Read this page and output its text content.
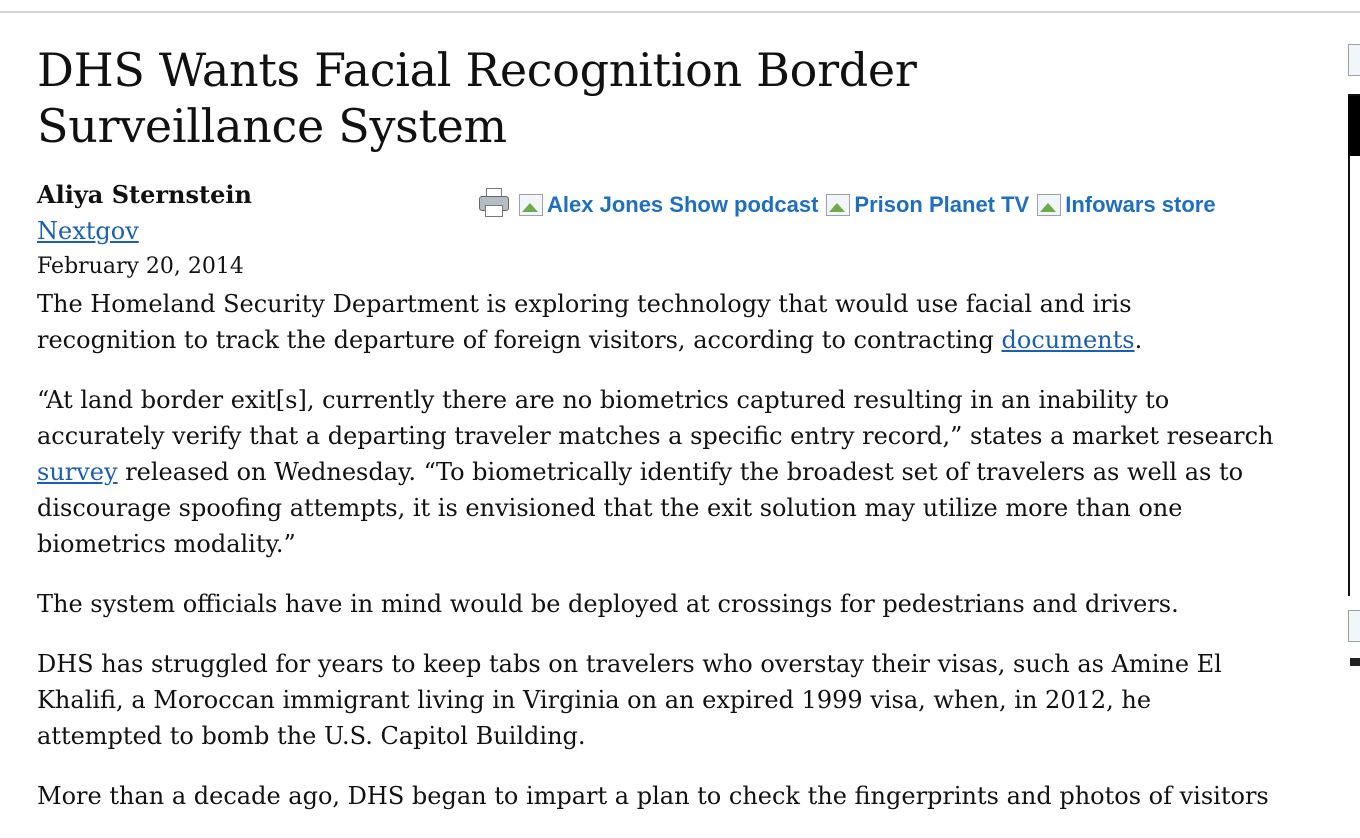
DHS Wants Facial Recognition Border Surveillance System
Aliya Sternstein
Nextgov
February 20, 2014
Alex Jones Show podcast Prison Planet TV Infowars store

The Homeland Security Department is exploring technology that would use facial and iris recognition to track the departure of foreign visitors, according to contracting documents.

“At land border exit[s], currently there are no biometrics captured resulting in an inability to accurately verify that a departing traveler matches a specific entry record,” states a market research survey released on Wednesday. “To biometrically identify the broadest set of travelers as well as to discourage spoofing attempts, it is envisioned that the exit solution may utilize more than one biometrics modality.”

The system officials have in mind would be deployed at crossings for pedestrians and drivers.

DHS has struggled for years to keep tabs on travelers who overstay their visas, such as Amine El Khalifi, a Moroccan immigrant living in Virginia on an expired 1999 visa, when, in 2012, he attempted to bomb the U.S. Capitol Building.

More than a decade ago, DHS began to impart a plan to check the fingerprints and photos of visitors
